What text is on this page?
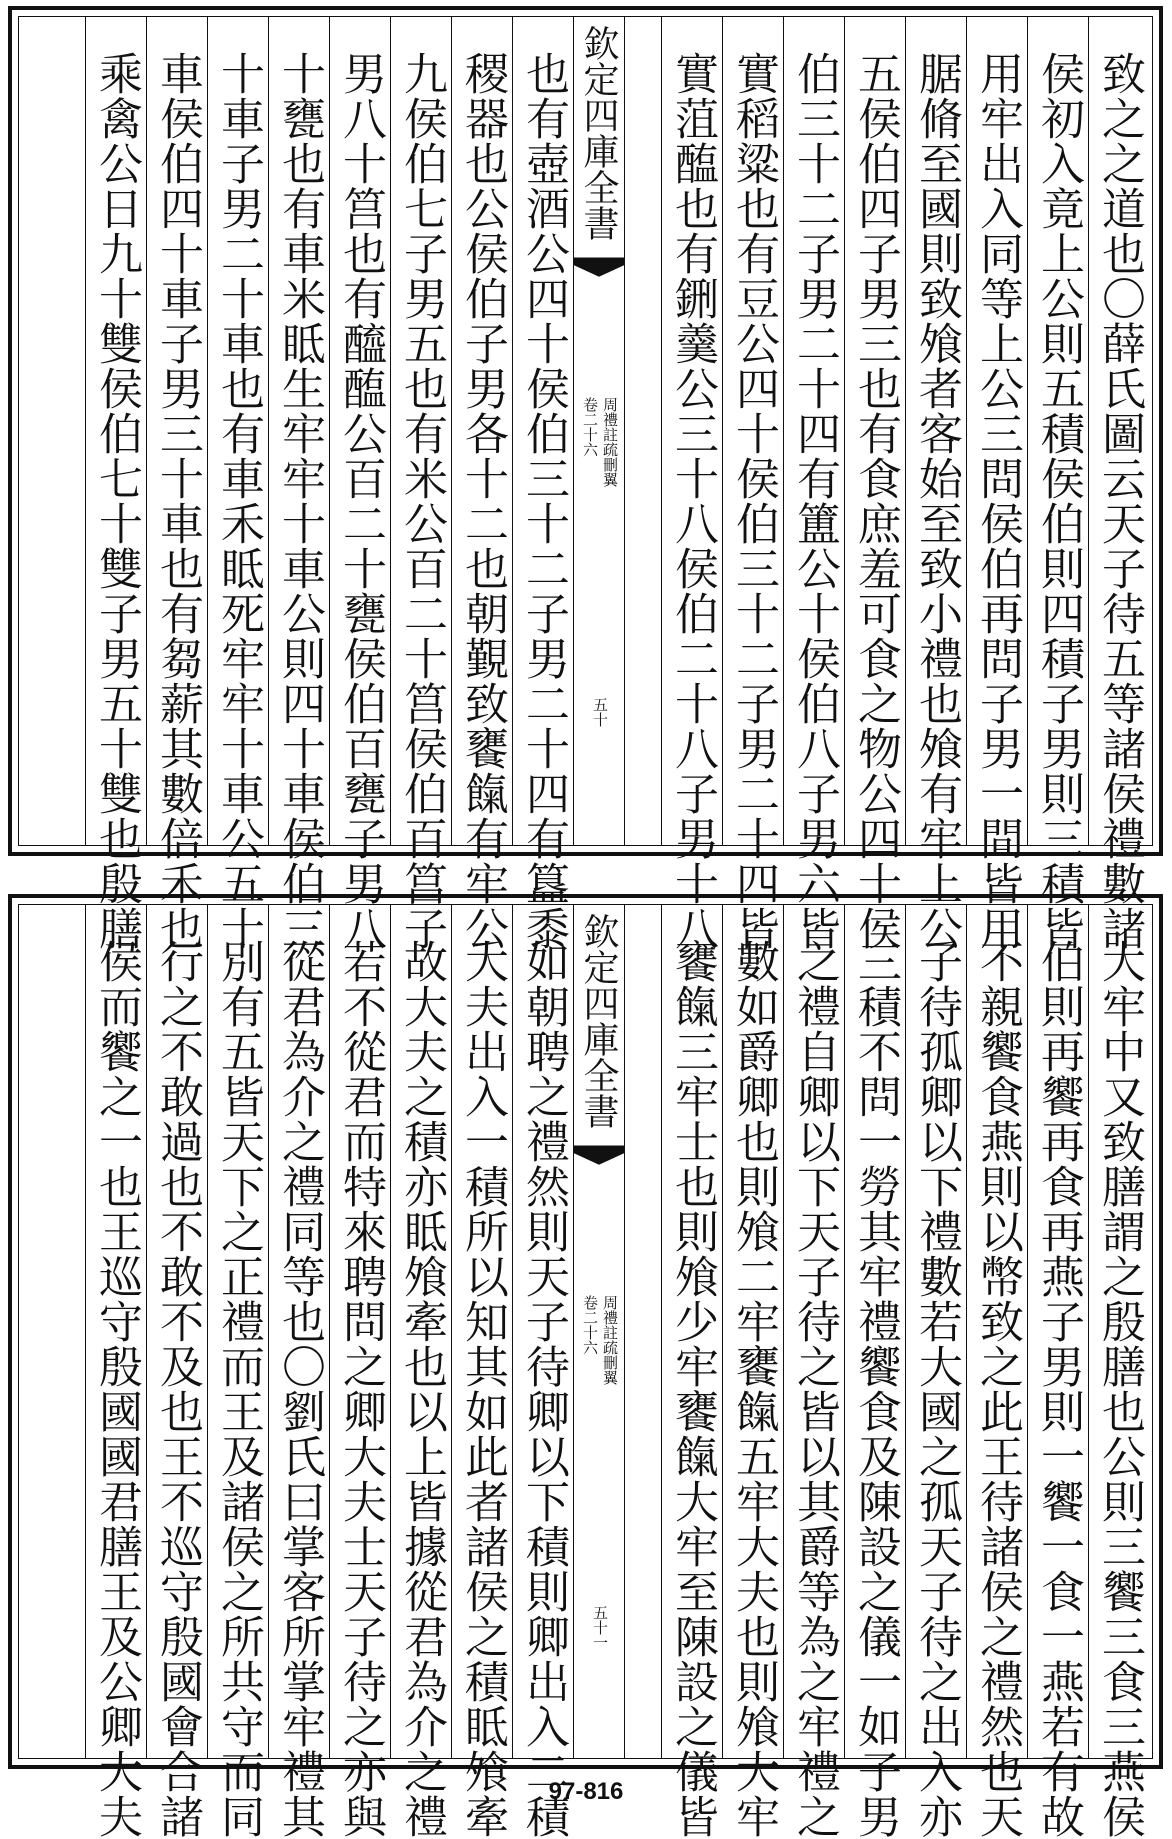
致之之道也〇薛氏圖云天子待五等諸侯禮數諸
侯初入竟上公則五積侯伯則四積子男則三積皆
用牢出入同等上公三問侯伯再問子男一問皆用
腒脩至國則致飧者客始至致小禮也飧有牢上公
五侯伯四子男三也有食庶羞可食之物公四十侯
伯三十二子男二十四有簠公十侯伯八子男六皆
實稻粱也有豆公四十侯伯三十二子男二十四皆
實菹醢也有鉶羹公三十八侯伯二十八子男十八
欽定四庫全書
周禮註疏刪翼
卷二十六
五十
也有壺酒公四十侯伯三十二子男二十四有簋黍
稷器也公侯伯子男各十二也朝覲致饔餼有牢公
九侯伯七子男五也有米公百二十筥侯伯百筥子
男八十筥也有醯醢公百二十甕侯伯百甕子男八
十甕也有車米眡生牢牢十車公則四十車侯伯三
十車子男二十車也有車禾眡死牢牢十車公五十
車侯伯四十車子男三十車也有芻薪其數倍禾也
乘禽公日九十雙侯伯七十雙子男五十雙也殷膳
大牢中又致膳謂之殷膳也公則三饗三食三燕侯
伯則再饗再食再燕子男則一饗一食一燕若有故
不親饗食燕則以幣致之此王待諸侯之禮然也天
子待孤卿以下禮數若大國之孤天子待之出入亦
三積不問一勞其牢禮饗食及陳設之儀一如子男
之禮自卿以下天子待之皆以其爵等為之牢禮之
數如爵卿也則飧二牢饔餼五牢大夫也則飧大牢
饔餼三牢士也則飧少牢饔餼大牢至陳設之儀皆
欽定四庫全書
周禮註疏刪翼
卷二十六
五十一
如朝聘之禮然則天子待卿以下積則卿出入二積
大夫出入一積所以知其如此者諸侯之積眡飧牽
故大夫之積亦眡飧牽也以上皆據從君為介之禮
若不從君而特來聘問之卿大夫士天子待之亦與
從君為介之禮同等也〇劉氏曰掌客所掌牢禮其
別有五皆天下之正禮而王及諸侯之所共守而同
行之不敢過也不敢不及也王不巡守殷國會合諸
侯而饗之一也王巡守殷國國君膳王及公卿大夫	97-816
